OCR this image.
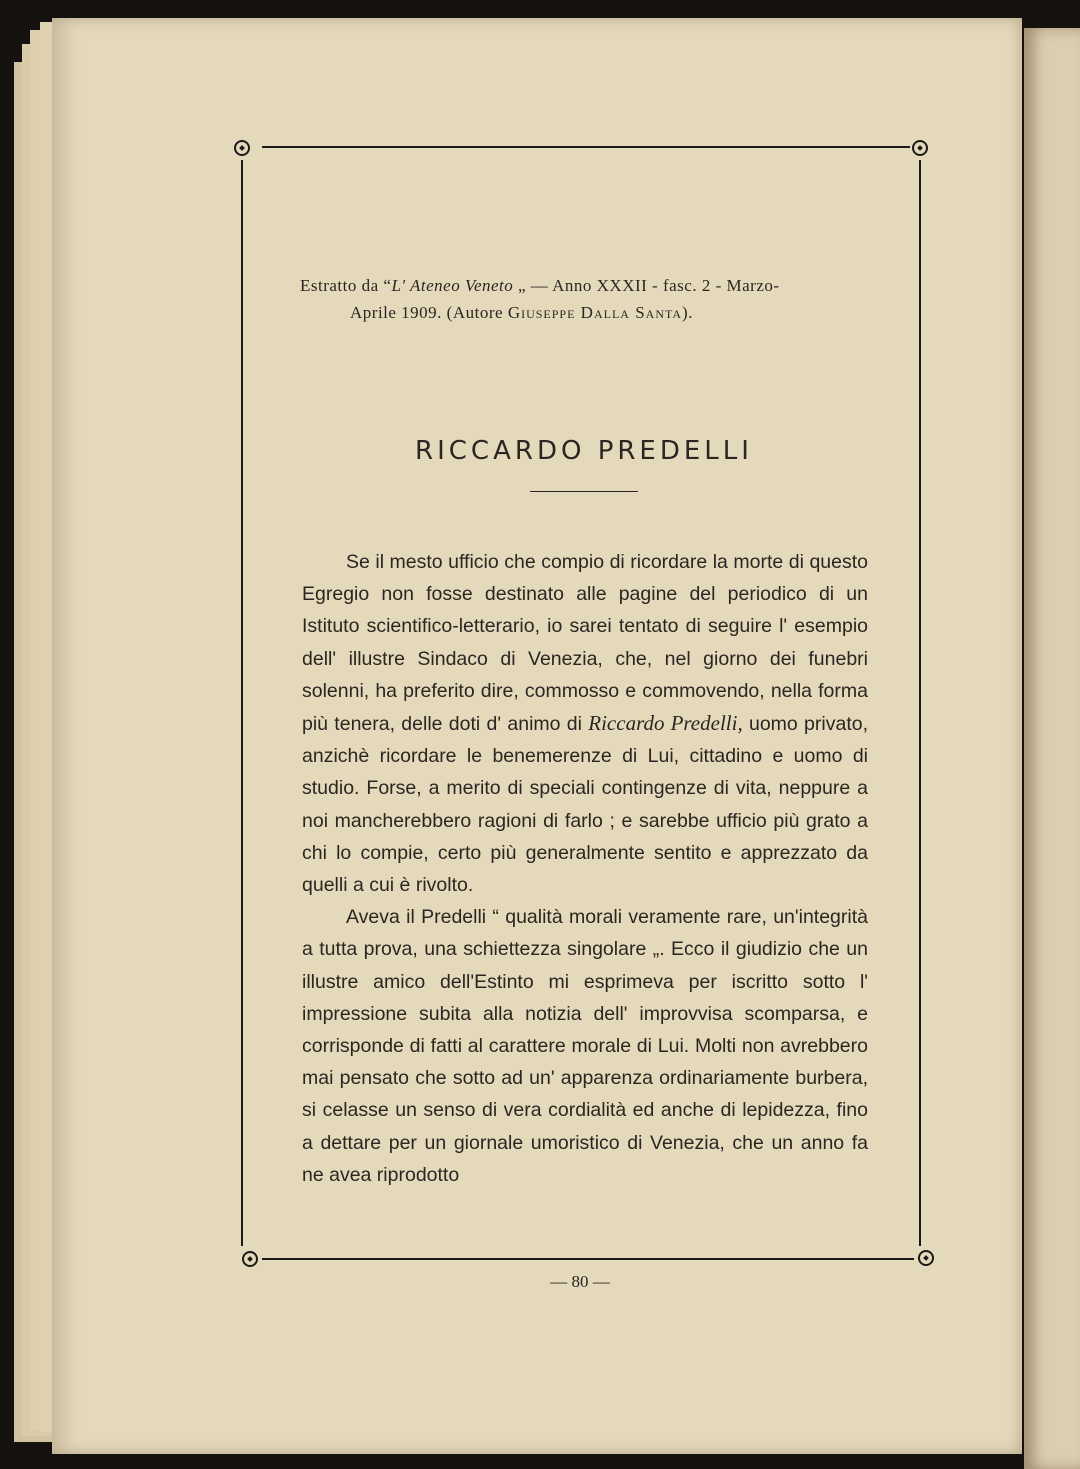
Estratto da “L' Ateneo Veneto „ — Anno XXXII - fasc. 2 - Marzo-
Aprile 1909. (Autore Giuseppe Dalla Santa).
RICCARDO PREDELLI

Se il mesto ufficio che compio di ricordare la morte di questo Egregio non fosse destinato alle pagine del periodico di un Istituto scientifico-letterario, io sarei tentato di seguire l' esempio dell' illustre Sindaco di Venezia, che, nel giorno dei funebri solenni, ha preferito dire, commosso e commovendo, nella forma più tenera, delle doti d' animo di Riccardo Predelli, uomo privato, anzichè ricordare le benemerenze di Lui, cittadino e uomo di studio. Forse, a merito di speciali contingenze di vita, neppure a noi mancherebbero ragioni di farlo ; e sarebbe ufficio più grato a chi lo compie, certo più generalmente sentito e apprezzato da quelli a cui è rivolto.

Aveva il Predelli “ qualità morali veramente rare, un'integrità a tutta prova, una schiettezza singolare „. Ecco il giudizio che un illustre amico dell'Estinto mi esprimeva per iscritto sotto l' impressione subita alla notizia dell' improvvisa scomparsa, e corrisponde di fatti al carattere morale di Lui. Molti non avrebbero mai pensato che sotto ad un' apparenza ordinariamente burbera, si celasse un senso di vera cordialità ed anche di lepidezza, fino a dettare per un giornale umoristico di Venezia, che un anno fa ne avea riprodotto

— 80 —
